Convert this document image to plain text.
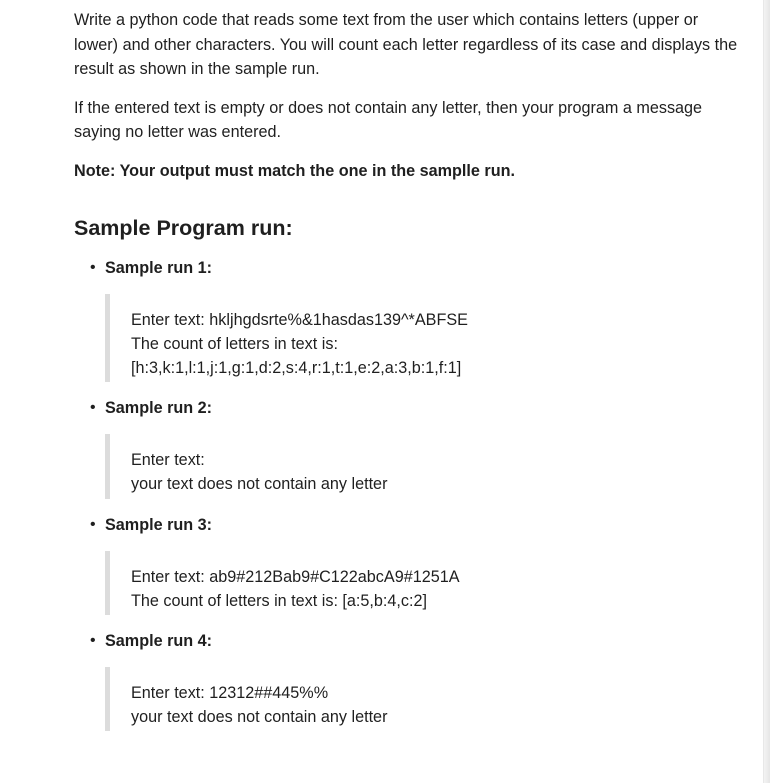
Write a python code that reads some text from the user which contains letters (upper or lower) and other characters. You will count each letter regardless of its case and displays the result as shown in the sample run.

If the entered text is empty or does not contain any letter, then your program a message saying no letter was entered.

Note: Your output must match the one in the samplle run.

Sample Program run:
• Sample run 1:
Enter text: hkljhgdsrte%&1hasdas139^*ABFSE
The count of letters in text is:
[h:3,k:1,l:1,j:1,g:1,d:2,s:4,r:1,t:1,e:2,a:3,b:1,f:1]
• Sample run 2:
Enter text:
your text does not contain any letter
• Sample run 3:
Enter text: ab9#212Bab9#C122abcA9#1251A
The count of letters in text is: [a:5,b:4,c:2]
• Sample run 4:
Enter text: 12312##445%%
your text does not contain any letter
